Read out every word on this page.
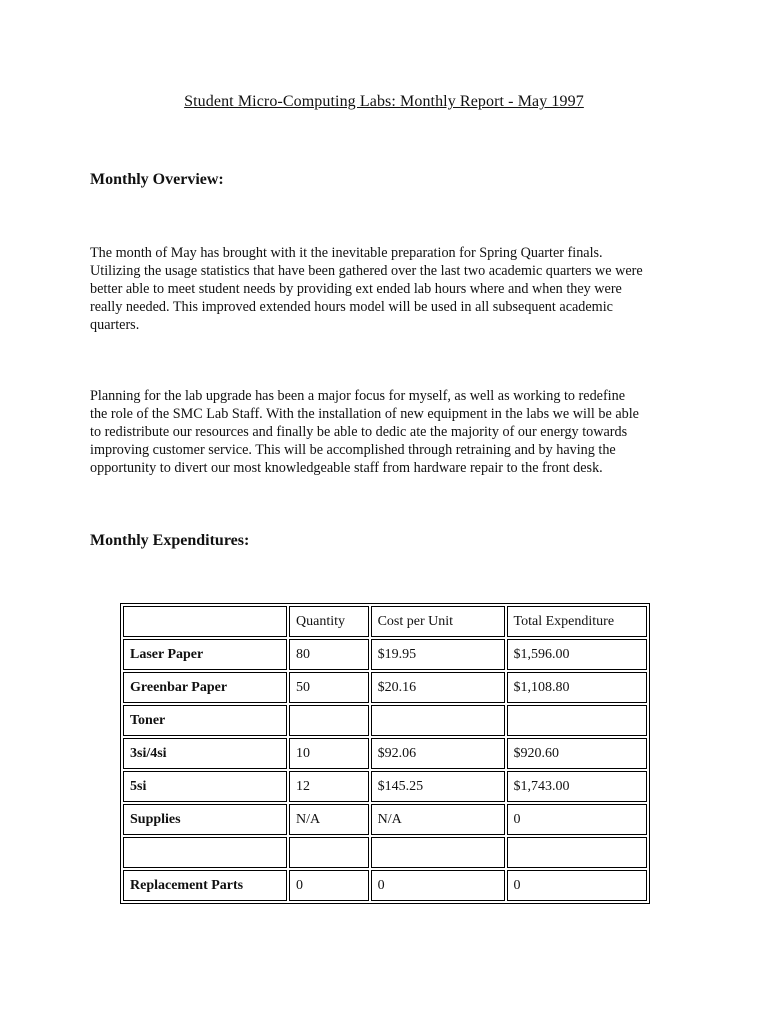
Student Micro-Computing Labs: Monthly Report - May 1997
Monthly Overview:

The month of May has brought with it the inevitable preparation for Spring Quarter finals.
Utilizing the usage statistics that have been gathered over the last two academic quarters we were
better able to meet student needs by providing ext ended lab hours where and when they were
really needed. This improved extended hours model will be used in all subsequent academic
quarters.

Planning for the lab upgrade has been a major focus for myself, as well as working to redefine
the role of the SMC Lab Staff. With the installation of new equipment in the labs we will be able
to redistribute our resources and finally be able to dedic ate the majority of our energy towards
improving customer service. This will be accomplished through retraining and by having the
opportunity to divert our most knowledgeable staff from hardware repair to the front desk.

Monthly Expenditures:
	Quantity	Cost per Unit	Total Expenditure
Laser Paper	80	$19.95	$1,596.00
Greenbar Paper	50	$20.16	$1,108.80
Toner			
3si/4si	10	$92.06	$920.60
5si	12	$145.25	$1,743.00
Supplies	N/A	N/A	0

Replacement Parts	0	0	0
